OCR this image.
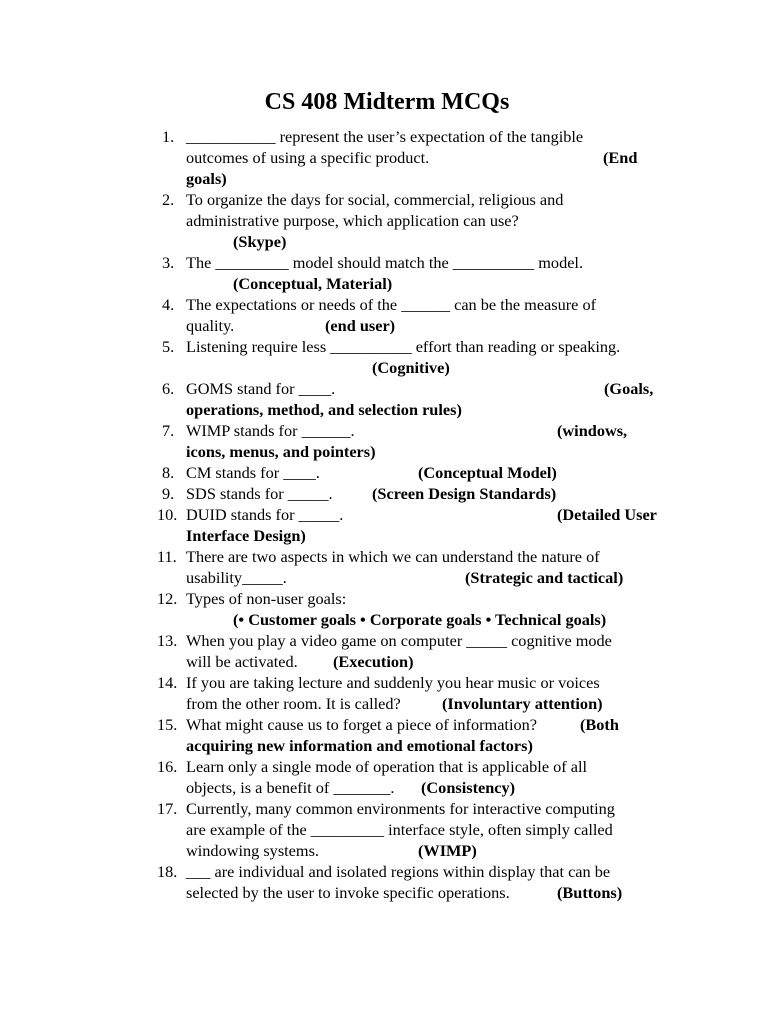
CS 408 Midterm MCQs
1. ___________ represent the user’s expectation of the tangible
outcomes of using a specific product.	(End
goals)
2. To organize the days for social, commercial, religious and
administrative purpose, which application can use?
(Skype)
3. The _________ model should match the __________ model.
(Conceptual, Material)
4. The expectations or needs of the ______ can be the measure of
quality.	(end user)
5. Listening require less __________ effort than reading or speaking.
(Cognitive)
6. GOMS stand for ____.	(Goals,
operations, method, and selection rules)
7. WIMP stands for ______.	(windows,
icons, menus, and pointers)
8. CM stands for ____.	(Conceptual Model)
9. SDS stands for _____. (Screen Design Standards)
10. DUID stands for _____.	(Detailed User
Interface Design)
11. There are two aspects in which we can understand the nature of
usability_____.	(Strategic and tactical)
12. Types of non-user goals:
(• Customer goals • Corporate goals • Technical goals)
13. When you play a video game on computer _____ cognitive mode
will be activated. (Execution)
14. If you are taking lecture and suddenly you hear music or voices
from the other room. It is called?	(Involuntary attention)
15. What might cause us to forget a piece of information?	(Both
acquiring new information and emotional factors)
16. Learn only a single mode of operation that is applicable of all
objects, is a benefit of _______. (Consistency)
17. Currently, many common environments for interactive computing
are example of the _________ interface style, often simply called
windowing systems.	(WIMP)
18. ___ are individual and isolated regions within display that can be
selected by the user to invoke specific operations.	(Buttons)
